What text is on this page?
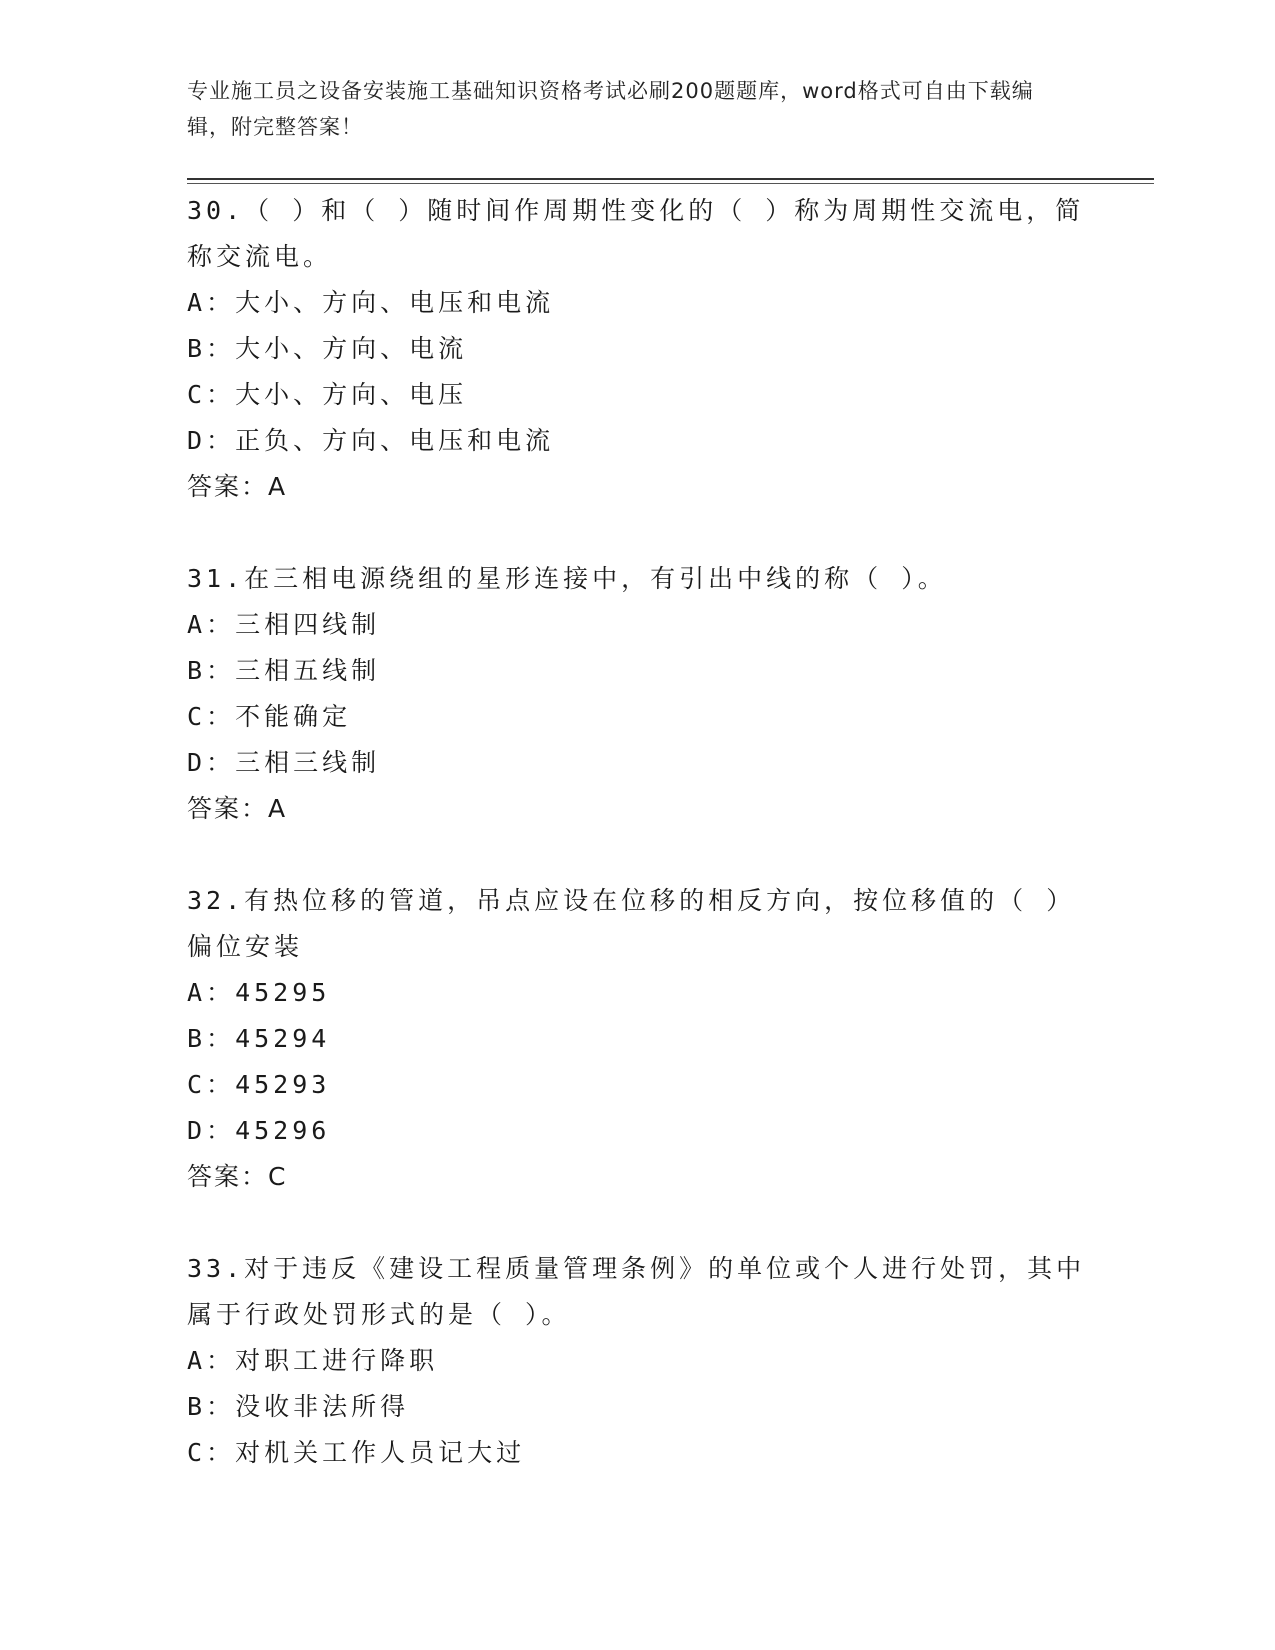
专业施工员之设备安装施工基础知识资格考试必刷200题题库，word格式可自由下载编辑，附完整答案！
30.（ ）和（ ）随时间作周期性变化的（ ）称为周期性交流电，简称交流电。
A：大小、方向、电压和电流
B：大小、方向、电流
C：大小、方向、电压
D：正负、方向、电压和电流
答案：A
31.在三相电源绕组的星形连接中，有引出中线的称（ ）。
A：三相四线制
B：三相五线制
C：不能确定
D：三相三线制
答案：A
32.有热位移的管道，吊点应设在位移的相反方向，按位移值的（ ）偏位安装
A：45295
B：45294
C：45293
D：45296
答案：C
33.对于违反《建设工程质量管理条例》的单位或个人进行处罚，其中属于行政处罚形式的是（ ）。
A：对职工进行降职
B：没收非法所得
C：对机关工作人员记大过
